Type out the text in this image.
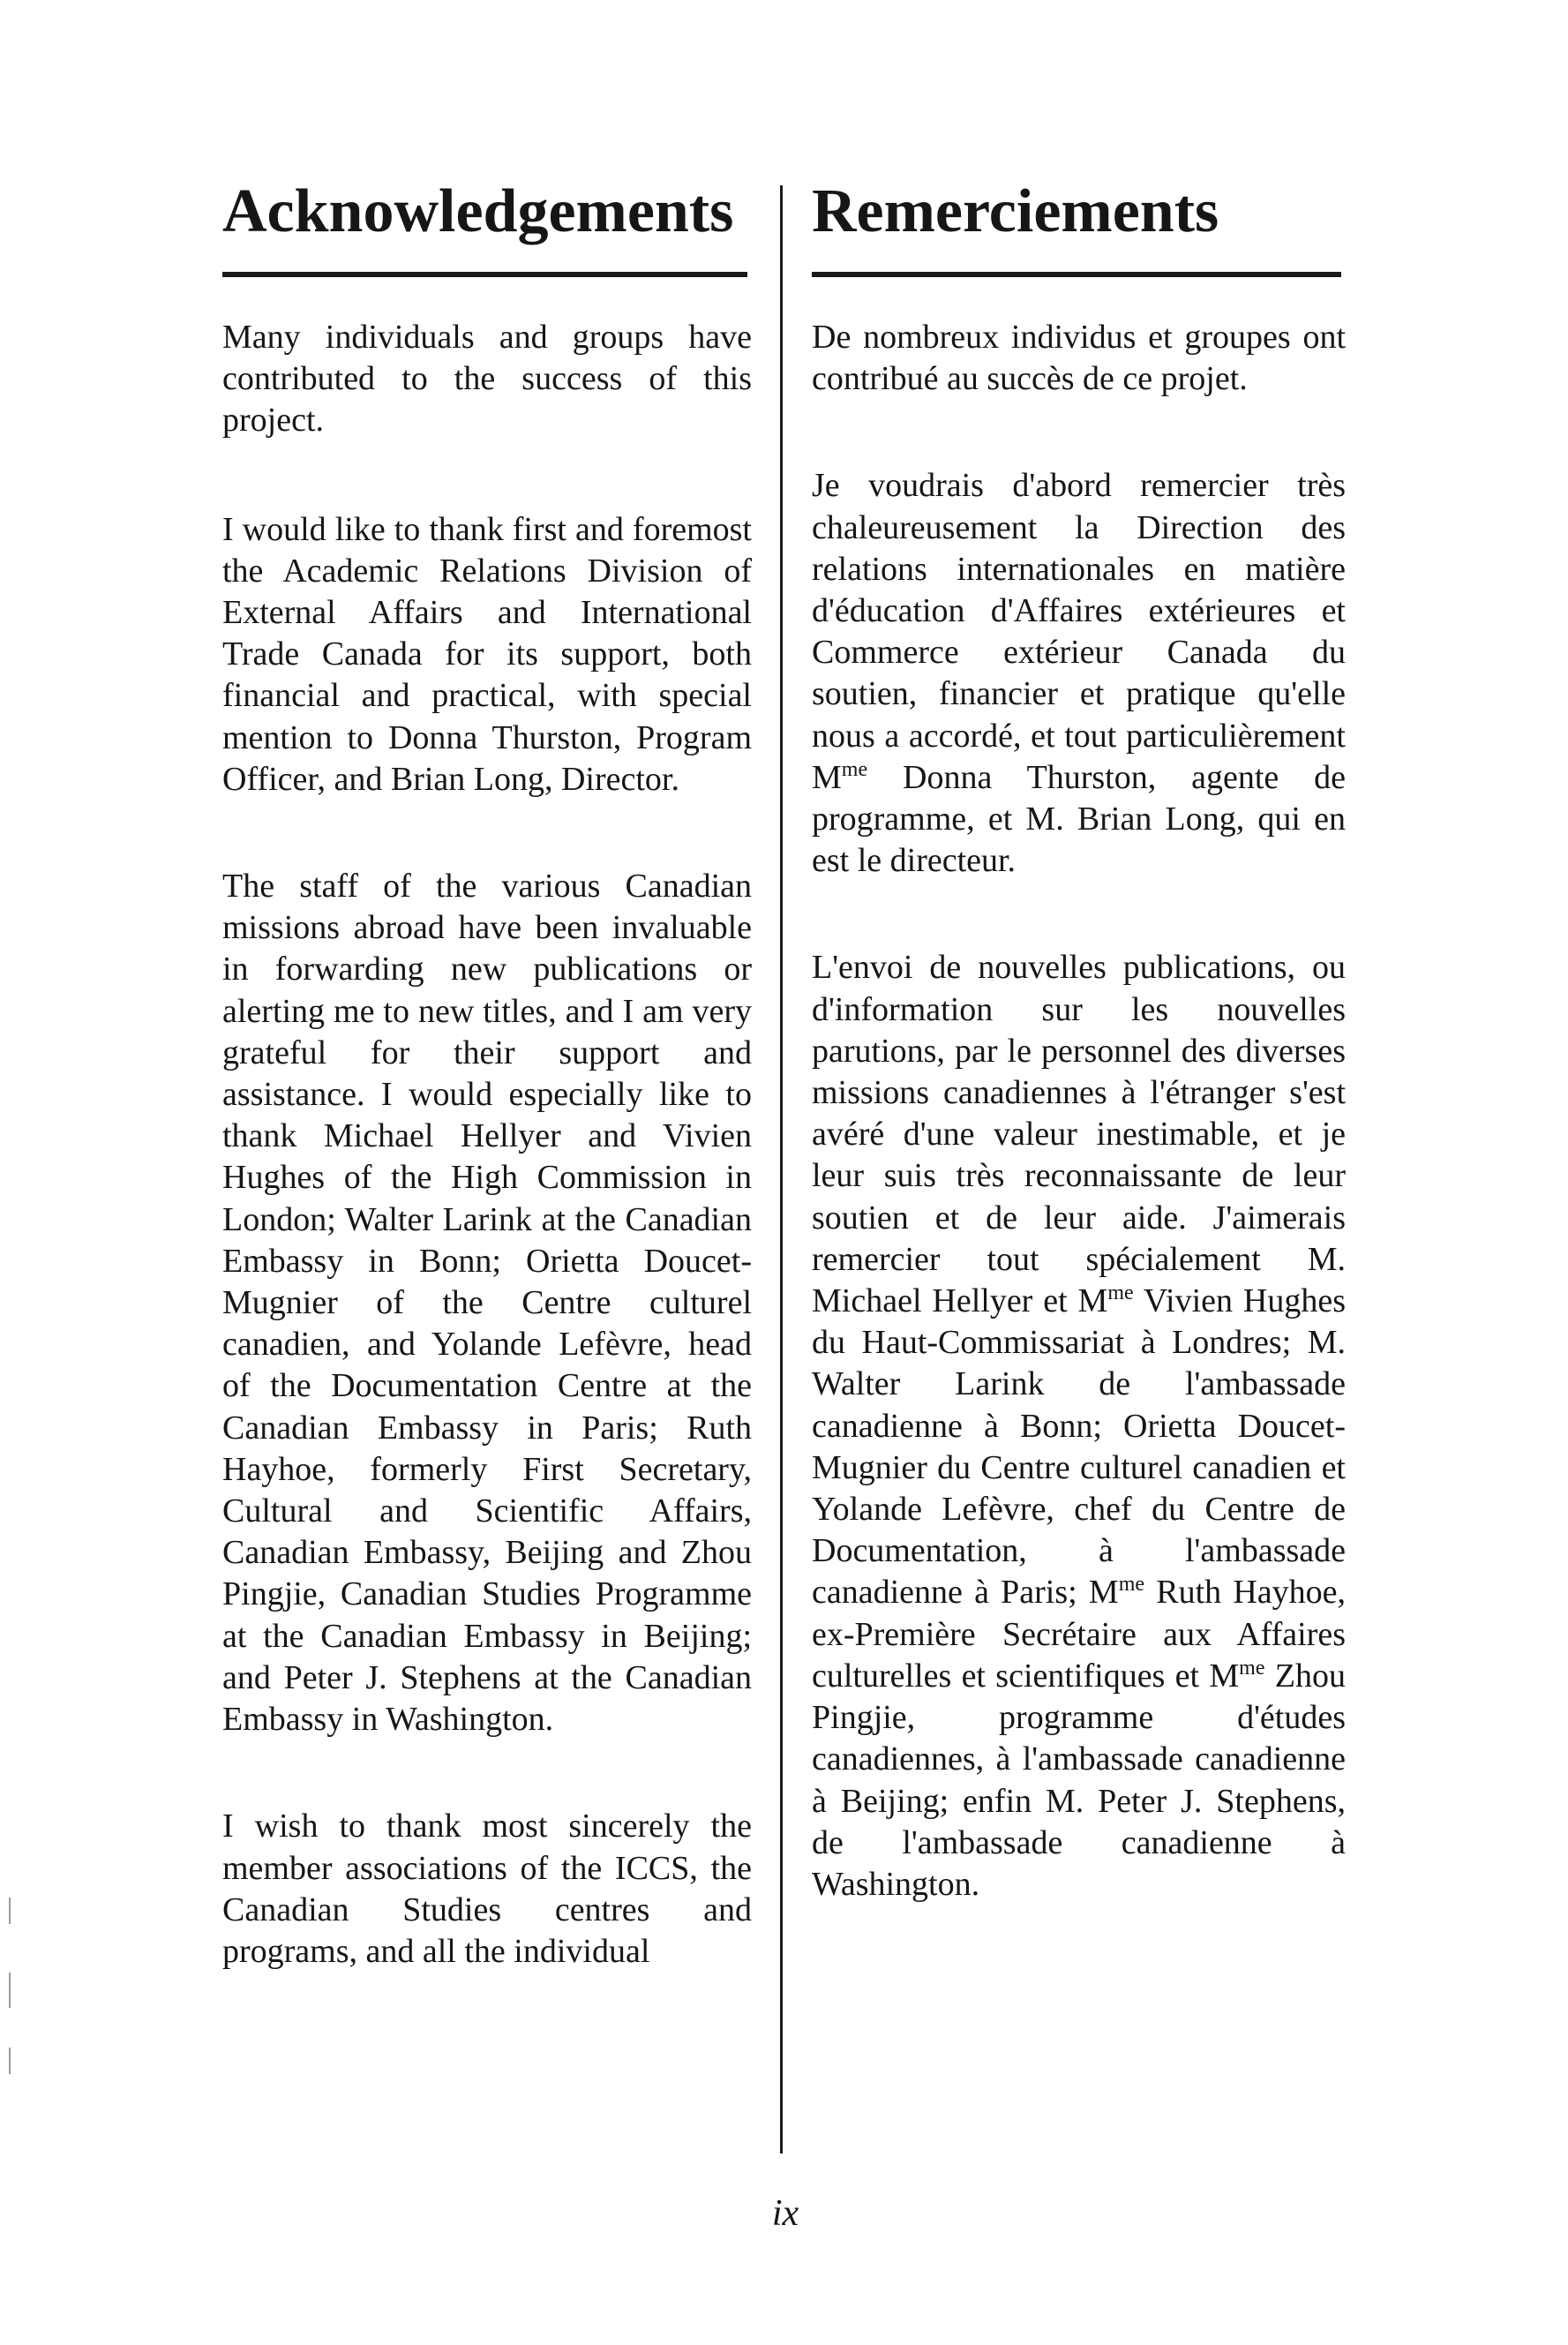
Acknowledgements

Many individuals and groups have contributed to the success of this project.

I would like to thank first and foremost the Academic Relations Division of External Affairs and International Trade Canada for its support, both financial and practical, with special mention to Donna Thurston, Program Officer, and Brian Long, Director.

The staff of the various Canadian missions abroad have been invaluable in forwarding new publications or alerting me to new titles, and I am very grateful for their support and assistance. I would especially like to thank Michael Hellyer and Vivien Hughes of the High Commission in London; Walter Larink at the Canadian Embassy in Bonn; Orietta Doucet-Mugnier of the Centre culturel canadien, and Yolande Lefèvre, head of the Documentation Centre at the Canadian Embassy in Paris; Ruth Hayhoe, formerly First Secretary, Cultural and Scientific Affairs, Canadian Embassy, Beijing and Zhou Pingjie, Canadian Studies Programme at the Canadian Embassy in Beijing; and Peter J. Stephens at the Canadian Embassy in Washington.

I wish to thank most sincerely the member associations of the ICCS, the Canadian Studies centres and programs, and all the individual

Remerciements

De nombreux individus et groupes ont contribué au succès de ce projet.

Je voudrais d'abord remercier très chaleureusement la Direction des relations internationales en matière d'éducation d'Affaires extérieures et Commerce extérieur Canada du soutien, financier et pratique qu'elle nous a accordé, et tout particulièrement $M^{me}$ Donna Thurston, agente de programme, et M. Brian Long, qui en est le directeur.

L'envoi de nouvelles publications, ou d'information sur les nouvelles parutions, par le personnel des diverses missions canadiennes à l'étranger s'est avéré d'une valeur inestimable, et je leur suis très reconnaissante de leur soutien et de leur aide. J'aimerais remercier tout spécialement M. Michael Hellyer et $M^{me}$ Vivien Hughes du Haut-Commissariat à Londres; M. Walter Larink de l'ambassade canadienne à Bonn; Orietta Doucet-Mugnier du Centre culturel canadien et Yolande Lefèvre, chef du Centre de Documentation, à l'ambassade canadienne à Paris; $M^{me}$ Ruth Hayhoe, ex-Première Secrétaire aux Affaires culturelles et scientifiques et $M^{me}$ Zhou Pingjie, programme d'études canadiennes, à l'ambassade canadienne à Beijing; enfin M. Peter J. Stephens, de l'ambassade canadienne à Washington.

ix
